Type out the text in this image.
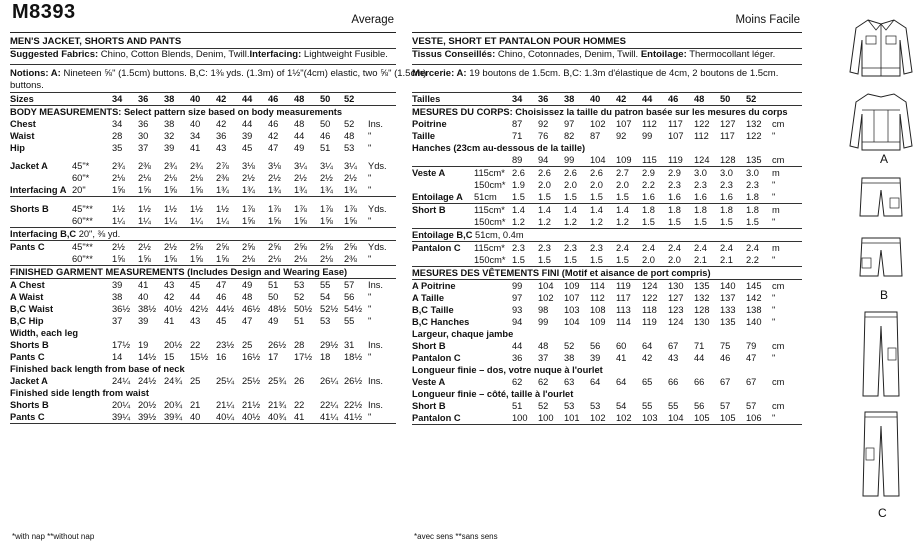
M8393	Average
MEN'S JACKET, SHORTS AND PANTS
Suggested Fabrics: Chino, Cotton Blends, Denim, Twill.Interfacing: Lightweight Fusible.
Notions: A: Nineteen ⅝" (1.5cm) buttons. B,C: 1⅜ yds. (1.3m) of 1½"(4cm) elastic, two ⅝" (1.5cm)
buttons.
Sizes		34	36	38	40	42	44	46	48	50	52	
BODY MEASUREMENTS: Select pattern size based on body measurements												
Chest		34	36	38	40	42	44	46	48	50	52	Ins.
Waist		28	30	32	34	36	39	42	44	46	48	"
Hip		35	37	39	41	43	45	47	49	51	53	"

Jacket A	45"*	2¾	2⅜	2¾	2¾	2⅞	3⅛	3⅛	3¼	3¼	3¼	Yds.
	60"*	2⅛	2⅛	2⅛	2⅛	2⅜	2½	2½	2½	2½	2½	"
Interfacing A	20"	1⅝	1⅝	1⅝	1⅝	1¾	1¾	1¾	1¾	1¾	1¾	"

Shorts B	45"**	1½	1½	1½	1½	1½	1⅞	1⅞	1⅞	1⅞	1⅞	Yds.
	60"**	1¼	1¼	1¼	1¼	1¼	1⅝	1⅝	1⅝	1⅝	1⅝	"
Interfacing B,C 20", ⅜ yd.												
Pants C	45"**	2½	2½	2½	2⅝	2⅝	2⅝	2⅝	2⅝	2⅝	2⅝	Yds.
	60"**	1⅝	1⅝	1⅝	1⅝	1⅝	2⅛	2⅛	2⅛	2⅛	2⅜	"
FINISHED GARMENT MEASUREMENTS (Includes Design and Wearing Ease)												
A Chest		39	41	43	45	47	49	51	53	55	57	Ins.
A Waist		38	40	42	44	46	48	50	52	54	56	"
B,C Waist		36½	38½	40½	42½	44½	46½	48½	50½	52½	54½	"
B,C Hip		37	39	41	43	45	47	49	51	53	55	"
Width, each leg												
Shorts B		17½	19	20½	22	23½	25	26½	28	29½	31	Ins.
Pants C		14	14½	15	15½	16	16½	17	17½	18	18½	"
Finished back length from base of neck												
Jacket A		24¼	24½	24¾	25	25¼	25½	25¾	26	26¼	26½	Ins.
Finished side length from waist												
Shorts B		20¼	20½	20¾	21	21¼	21½	21¾	22	22¼	22½	Ins.
Pants C		39¼	39½	39¾	40	40¼	40½	40¾	41	41¼	41½	"
Moins Facile
VESTE, SHORT ET PANTALON POUR HOMMES
Tissus Conseillés: Chino, Cotonnades, Denim, Twill. Entoilage: Thermocollant léger.
Mercerie: A: 19 boutons de 1.5cm. B,C: 1.3m d'élastique de 4cm, 2 boutons de 1.5cm.
Tailles		34	36	38	40	42	44	46	48	50	52	
MESURES DU CORPS: Choisissez la taille du patron basée sur les mesures du corps												
Poitrine		87	92	97	102	107	112	117	122	127	132	cm
Taille		71	76	82	87	92	99	107	112	117	122	"
Hanches (23cm au-dessous de la taille)												
		89	94	99	104	109	115	119	124	128	135	cm
Veste A	115cm*	2.6	2.6	2.6	2.6	2.7	2.9	2.9	3.0	3.0	3.0	m
	150cm*	1.9	2.0	2.0	2.0	2.0	2.2	2.3	2.3	2.3	2.3	"
Entoilage A	51cm	1.5	1.5	1.5	1.5	1.5	1.6	1.6	1.6	1.6	1.8	"
Short B	115cm*	1.4	1.4	1.4	1.4	1.4	1.8	1.8	1.8	1.8	1.8	m
	150cm*	1.2	1.2	1.2	1.2	1.2	1.5	1.5	1.5	1.5	1.5	"
Entoilage B,C 51cm, 0.4m												
Pantalon C	115cm*	2.3	2.3	2.3	2.3	2.4	2.4	2.4	2.4	2.4	2.4	m
	150cm*	1.5	1.5	1.5	1.5	1.5	2.0	2.0	2.1	2.1	2.2	"
MESURES DES VÊTEMENTS FINI (Motif et aisance de port compris)												
A Poitrine		99	104	109	114	119	124	130	135	140	145	cm
A Taille		97	102	107	112	117	122	127	132	137	142	"
B,C Taille		93	98	103	108	113	118	123	128	133	138	"
B,C Hanches		94	99	104	109	114	119	124	130	135	140	"
Largeur, chaque jambe												
Short B		44	48	52	56	60	64	67	71	75	79	cm
Pantalon C		36	37	38	39	41	42	43	44	46	47	"
Longueur finie – dos, votre nuque à l'ourlet												
Veste A		62	62	63	64	64	65	66	66	67	67	cm
Longueur finie – côté, taille à l'ourlet												
Short B		51	52	53	53	54	55	55	56	57	57	cm
Pantalon C		100	100	101	102	102	103	104	105	105	106	"
*with nap **without nap	*avec sens **sans sens
A
B
C
